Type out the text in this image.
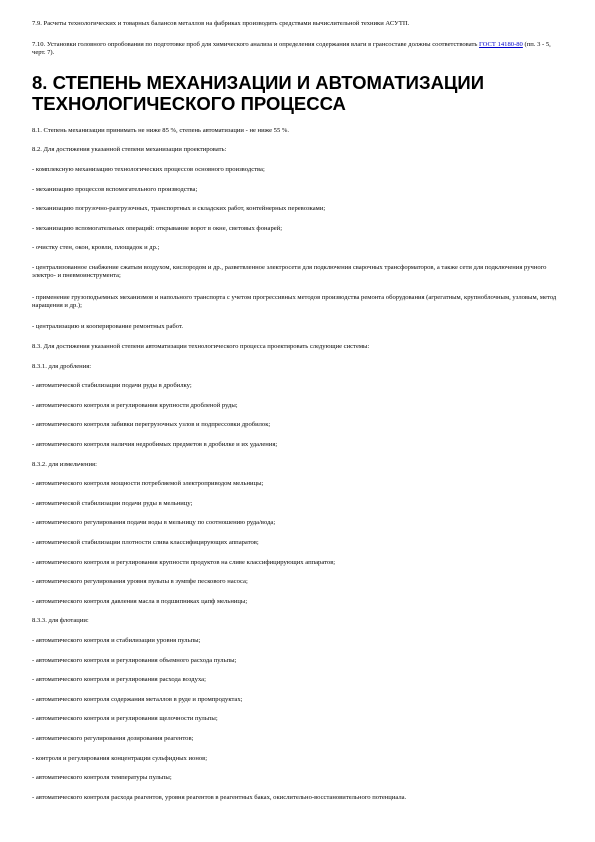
7.9. Расчеты технологических и товарных балансов металлов на фабриках производить средствами вычислительной техники АСУТП.
7.10. Установки головного опробования по подготовке проб для химического анализа и определения содержания влаги в грансоставе должны соответствовать ГОСТ 14180-80 (пп. 3 - 5, черт. 7).
8. СТЕПЕНЬ МЕХАНИЗАЦИИ И АВТОМАТИЗАЦИИ ТЕХНОЛОГИЧЕСКОГО ПРОЦЕССА
8.1. Степень механизации принимать не ниже 85 %, степень автоматизации - не ниже 55 %.
8.2. Для достижения указанной степени механизации проектировать:
- комплексную механизацию технологических процессов основного производства;
- механизацию процессов вспомогательного производства;
- механизацию погрузочно-разгрузочных, транспортных и складских работ, контейнерных перевозками;
- механизацию вспомогательных операций: открывание ворот в окне, световых фонарей;
- очистку стен, окон, кровли, площадок и др.;
- централизованное снабжение сжатым воздухом, кислородом и др., разветвленное электросети для подключения сварочных трансформаторов, а также сети для подключения ручного электро- и пневмоинструмента;
- применение грузоподъемных механизмов и напольного транспорта с учетом прогрессивных методов производства ремонта оборудования (агрегатным, крупноблочным, узловым, метод наращения и др.);
- централизацию и кооперирование ремонтных работ.
8.3. Для достижения указанной степени автоматизации технологического процесса проектировать следующие системы:
8.3.1. для дробления:
- автоматической стабилизации подачи руды в дробилку;
- автоматического контроля и регулирования крупности дробленой руды;
- автоматического контроля забивки перегрузочных узлов и подпрессовки дробилок;
- автоматического контроля наличия недробимых предметов в дробилке и их удаления;
8.3.2. для измельчения:
- автоматического контроля мощности потребляемой электроприводом мельницы;
- автоматической стабилизации подачи руды в мельницу;
- автоматического регулирования подачи воды в мельницу по соотношению руда/вода;
- автоматической стабилизации плотности слива классифицирующих аппаратов;
- автоматического контроля и регулирования крупности продуктов на сливе классифицирующих аппаратов;
- автоматического регулирования уровня пульпы в зумпфе пескового насоса;
- автоматического контроля давления масла в подшипниках цапф мельницы;
8.3.3. для флотации:
- автоматического контроля и стабилизации уровня пульпы;
- автоматического контроля и регулирования объемного расхода пульпы;
- автоматического контроля и регулирования расхода воздуха;
- автоматического контроля содержания металлов в руде и промпродуктах;
- автоматического контроля и регулирования щелочности пульпы;
- автоматического регулирования дозирования реагентов;
- контроля и регулирования концентрации сульфидных ионов;
- автоматического контроля температуры пульпы;
- автоматического контроля расхода реагентов, уровня реагентов в реагентных баках, окислительно-восстановительного потенциала.
